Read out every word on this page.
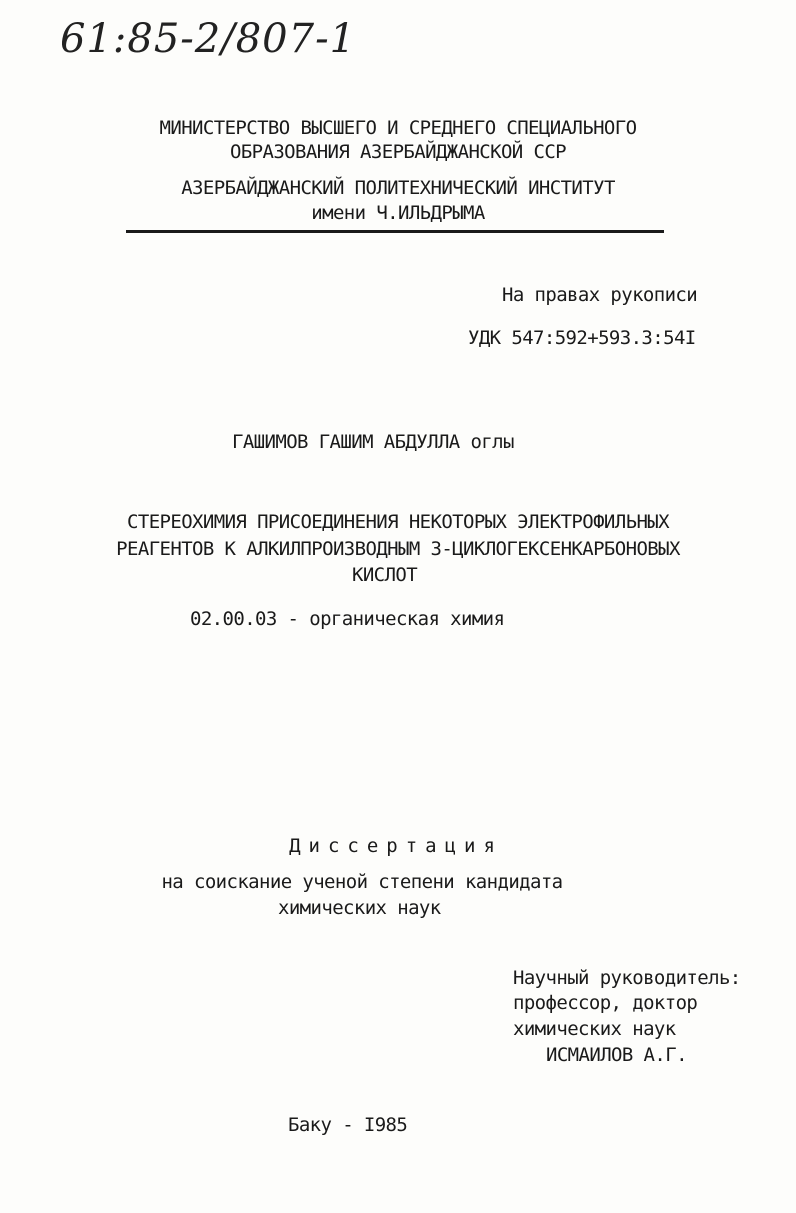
61:85-2/807-1
МИНИСТЕРСТВО ВЫСШЕГО И СРЕДНЕГО СПЕЦИАЛЬНОГО
ОБРАЗОВАНИЯ АЗЕРБАЙДЖАНСКОЙ ССР
АЗЕРБАЙДЖАНСКИЙ ПОЛИТЕХНИЧЕСКИЙ ИНСТИТУТ
имени Ч.ИЛЬДРЫМА
На правах рукописи
УДК 547:592+593.3:54I
ГАШИМОВ ГАШИМ АБДУЛЛА оглы
СТЕРЕОХИМИЯ ПРИСОЕДИНЕНИЯ НЕКОТОРЫХ ЭЛЕКТРОФИЛЬНЫХ
РЕАГЕНТОВ К АЛКИЛПРОИЗВОДНЫМ 3-ЦИКЛОГЕКСЕНКАРБОНОВЫХ
КИСЛОТ
02.00.03 - органическая химия
Диссертация
на соискание ученой степени кандидата
химических наук
Научный руководитель:
профессор, доктор
химических наук
ИСМАИЛОВ А.Г.
Баку - I985
